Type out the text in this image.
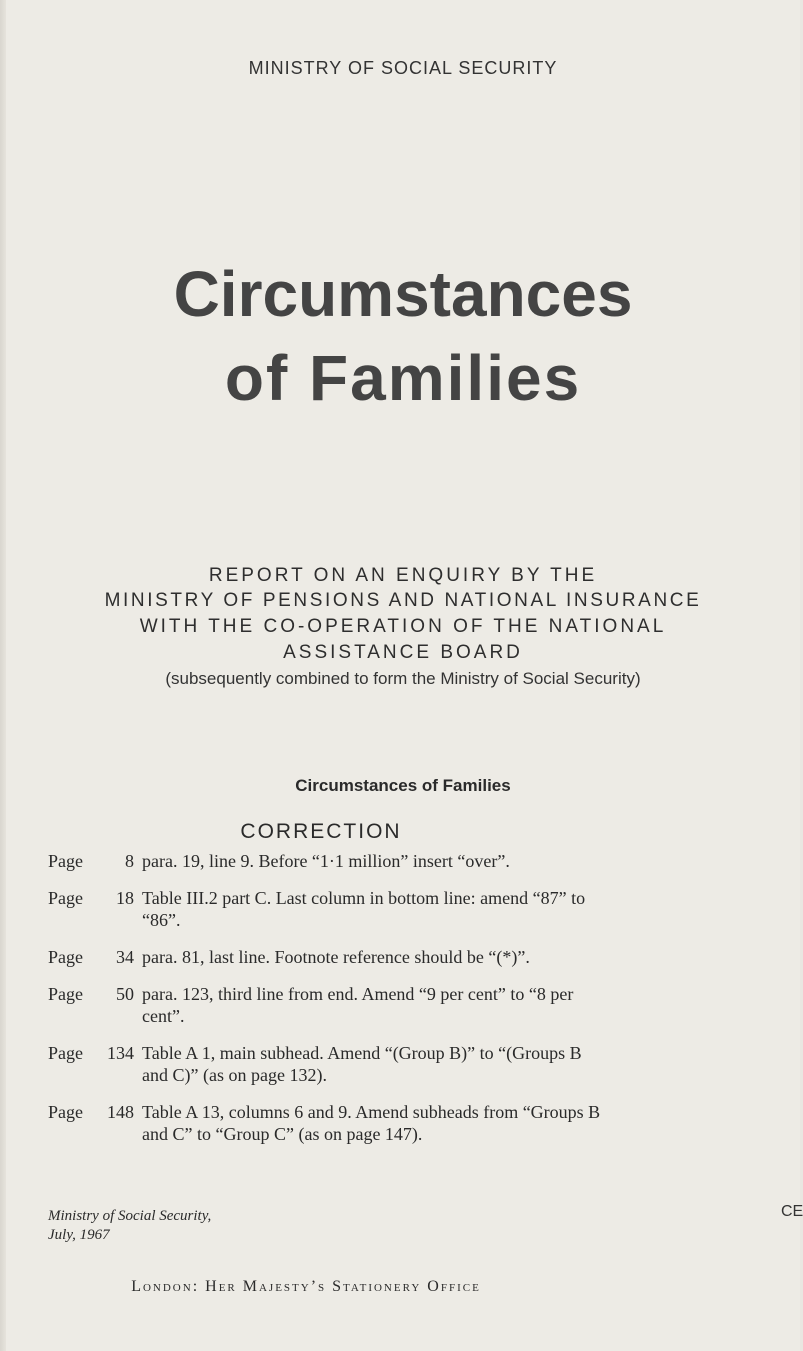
MINISTRY OF SOCIAL SECURITY
Circumstances
of Families
REPORT ON AN ENQUIRY BY THE
MINISTRY OF PENSIONS AND NATIONAL INSURANCE
WITH THE CO-OPERATION OF THE NATIONAL
ASSISTANCE BOARD
(subsequently combined to form the Ministry of Social Security)
Circumstances of Families
CORRECTION
Page	8 para. 19, line 9. Before “1·1 million” insert “over”.
Page	18 Table III.2 part C. Last column in bottom line: amend “87” to “86”.
Page	34 para. 81, last line. Footnote reference should be “(*)”.
Page	50 para. 123, third line from end. Amend “9 per cent” to “8 per cent”.
Page	134 Table A 1, main subhead. Amend “(Group B)” to “(Groups B and C)” (as on page 132).
Page	148 Table A 13, columns 6 and 9. Amend subheads from “Groups B and C” to “Group C” (as on page 147).
Ministry of Social Security,
July, 1967
CE
London: Her Majesty’s Stationery Office
